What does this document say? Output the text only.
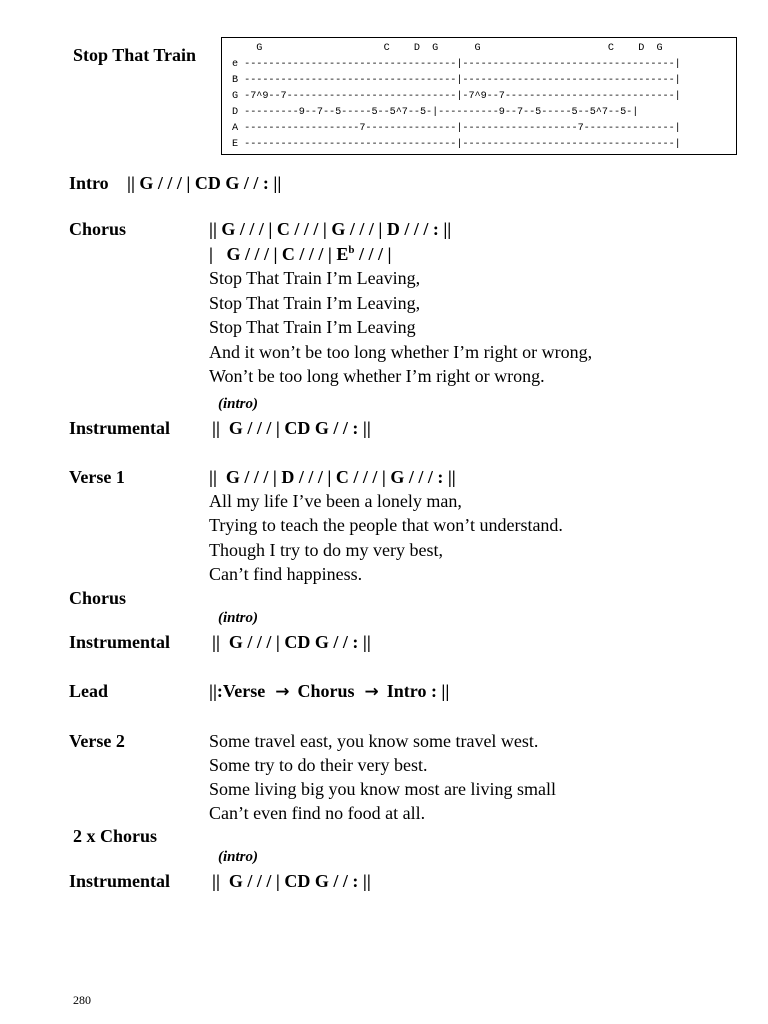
Stop That Train	G                    C    D  G      G                     C    D  G
e -----------------------------------|-----------------------------------|
B -----------------------------------|-----------------------------------|
G -7^9--7----------------------------|-7^9--7----------------------------|
D ---------9--7--5-----5--5^7--5-|----------9--7--5-----5--5^7--5-|
A -------------------7---------------|-------------------7---------------|
E -----------------------------------|-----------------------------------|
Intro || G / / / | CD G / / : ||
Chorus	|| G / / / | C / / / | G / / / | D / / / : ||
|   G / / / | C / / / | $E^b$ / / / |
Stop That Train I’m Leaving,
Stop That Train I’m Leaving,
Stop That Train I’m Leaving
And it won’t be too long whether I’m right or wrong,
Won’t be too long whether I’m right or wrong.
(intro)
Instrumental ||  G / / / | CD G / / : ||
Verse 1	||  G / / / | D / / / | C / / / | G / / / : ||
All my life I’ve been a lonely man,
Trying to teach the people that won’t understand.
Though I try to do my very best,
Can’t find happiness.
Chorus
(intro)
Instrumental ||  G / / / | CD G / / : ||
Lead	||:Verse → Chorus → Intro : ||
Verse 2	Some travel east, you know some travel west.
Some try to do their very best.
Some living big you know most are living small
Can’t even find no food at all.
2 x Chorus
(intro)
Instrumental ||  G / / / | CD G / / : ||
280
